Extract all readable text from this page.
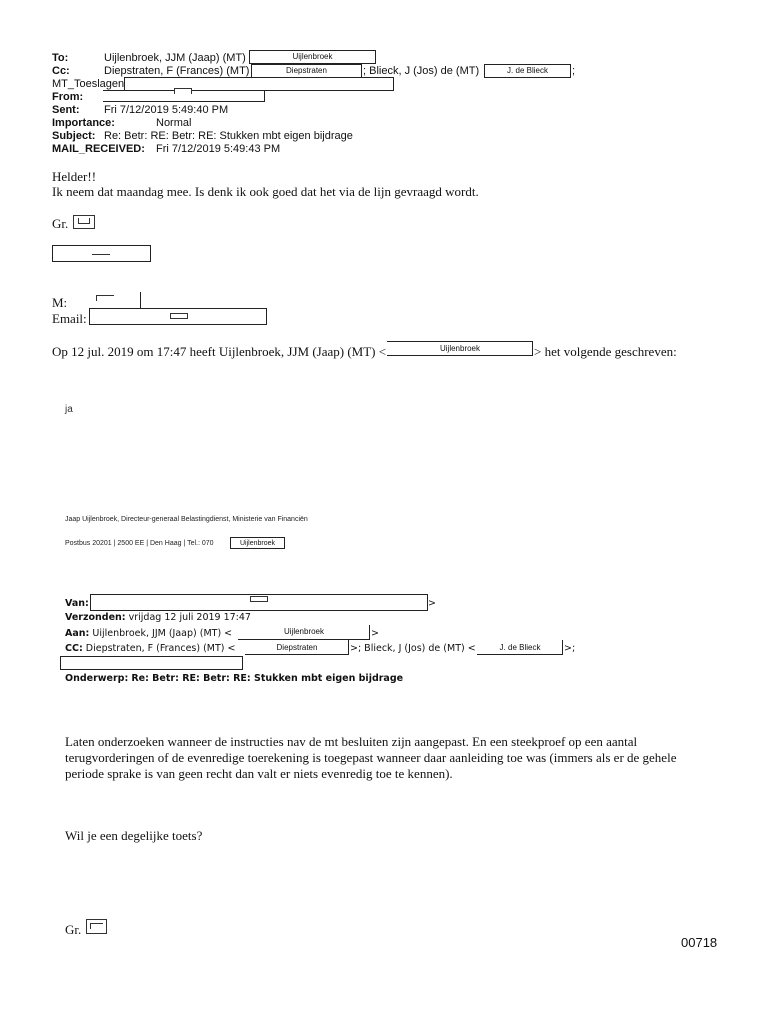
To:	Uijlenbroek, JJM (Jaap) (MT)	Uijlenbroek
Cc:	Diepstraten, F (Frances) (MT)	Diepstraten	; Blieck, J (Jos) de (MT)	J. de Blieck	;
MT_Toeslagen
From:
Sent: Fri 7/12/2019 5:49:40 PM
Importance:	Normal
Subject: Re: Betr: RE: Betr: RE: Stukken mbt eigen bijdrage
MAIL_RECEIVED: Fri 7/12/2019 5:49:43 PM
Helder!!
Ik neem dat maandag mee. Is denk ik ook goed dat het via de lijn gevraagd wordt.
Gr.
M:
Email:
Op 12 jul. 2019 om 17:47 heeft Uijlenbroek, JJM (Jaap) (MT) <	Uijlenbroek	> het volgende geschreven:
ja
Jaap Uijlenbroek, Directeur-generaal Belastingdienst, Ministerie van Financiën
Postbus 20201 | 2500 EE | Den Haag | Tel.: 070	Uijlenbroek
Van:	>
Verzonden: vrijdag 12 juli 2019 17:47
Aan: Uijlenbroek, JJM (Jaap) (MT) <	Uijlenbroek	>
CC: Diepstraten, F (Frances) (MT) <	Diepstraten	>; Blieck, J (Jos) de (MT) <	J. de Blieck	>;
Onderwerp: Re: Betr: RE: Betr: RE: Stukken mbt eigen bijdrage
Laten onderzoeken wanneer de instructies nav de mt besluiten zijn aangepast. En een steekproef op een aantal
terugvorderingen of de evenredige toerekening is toegepast wanneer daar aanleiding toe was (immers als er de gehele
periode sprake is van geen recht dan valt er niets evenredig toe te kennen).
Wil je een degelijke toets?
Gr.
00718
